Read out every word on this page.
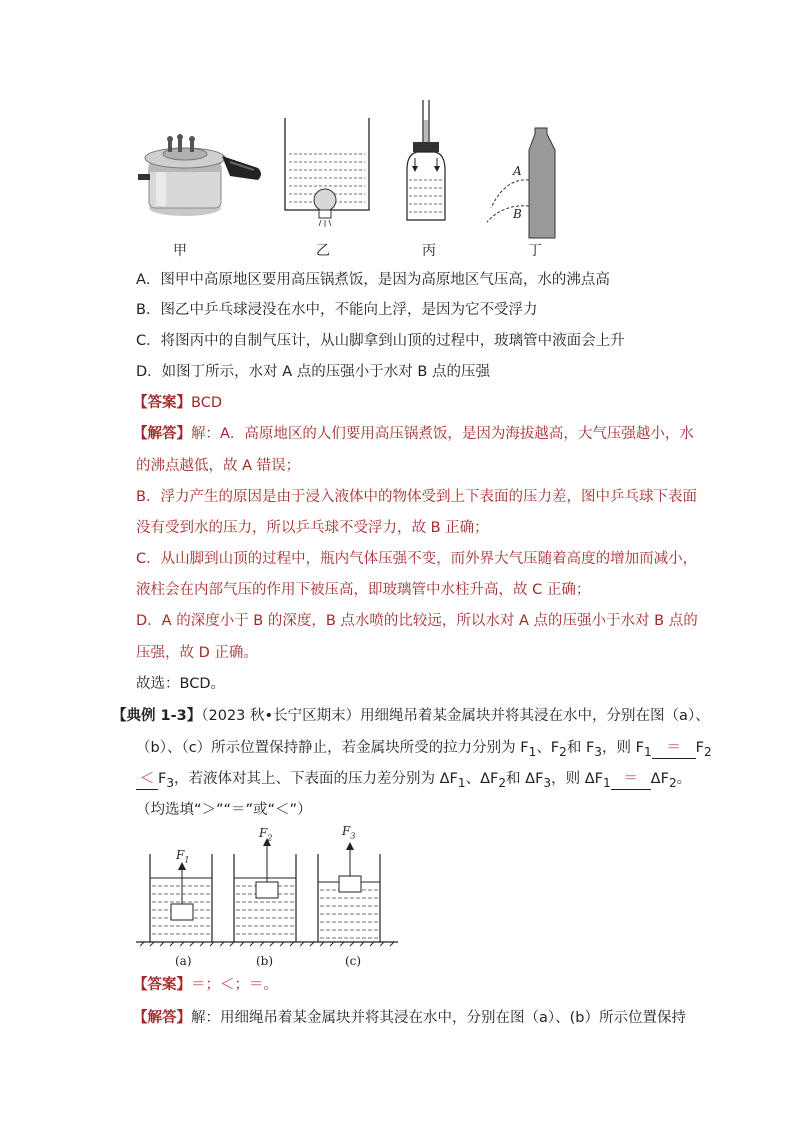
A
B
甲	乙	丙	丁
A．图甲中高原地区要用高压锅煮饭，是因为高原地区气压高，水的沸点高
B．图乙中乒乓球浸没在水中，不能向上浮，是因为它不受浮力
C．将图丙中的自制气压计，从山脚拿到山顶的过程中，玻璃管中液面会上升
D．如图丁所示，水对 A 点的压强小于水对 B 点的压强
【答案】BCD
【解答】解：A．高原地区的人们要用高压锅煮饭，是因为海拔越高，大气压强越小，水
的沸点越低，故 A 错误；
B．浮力产生的原因是由于浸入液体中的物体受到上下表面的压力差，图中乒乓球下表面
没有受到水的压力，所以乒乓球不受浮力，故 B 正确；
C．从山脚到山顶的过程中，瓶内气体压强不变，而外界大气压随着高度的增加而减小，
液柱会在内部气压的作用下被压高，即玻璃管中水柱升高，故 C 正确；
D．A 的深度小于 B 的深度，B 点水喷的比较远，所以水对 A 点的压强小于水对 B 点的
压强，故 D 正确。
故选：BCD。
【典例 1-3】（2023 秋•长宁区期末）用细绳吊着某金属块并将其浸在水中，分别在图（a）、
（b）、（c）所示位置保持静止，若金属块所受的拉力分别为 $F_1$、$F_2$和 $F_3$，则 $F_1 = F_2$
＜ $F_3$，若液体对其上、下表面的压力差分别为 $\Delta F_1$、$\Delta F_2$和 $\Delta F_3$，则 $\Delta F_1 = \Delta F_2$。
（均选填“＞”“＝”或“＜”）
$F_1$
$F_2$	$F_3$
(a)	(b)	(c)
【答案】＝；＜；＝。
【解答】解：用细绳吊着某金属块并将其浸在水中，分别在图（a）、(b）所示位置保持
